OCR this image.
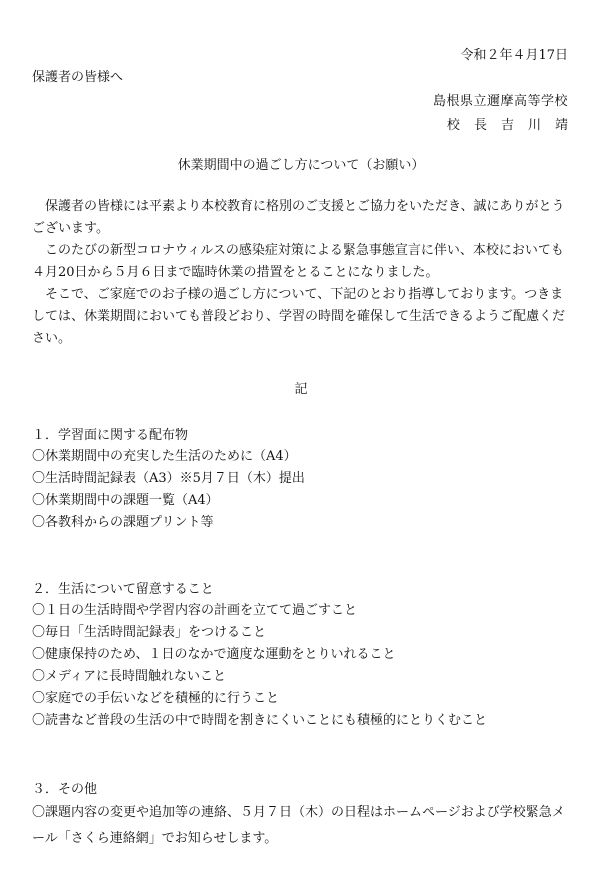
令和２年４月17日
保護者の皆様へ
島根県立邇摩高等学校
校 長 吉 川 靖
休業期間中の過ごし方について（お願い）

保護者の皆様には平素より本校教育に格別のご支援とご協力をいただき、誠にありがとうございます。

このたびの新型コロナウィルスの感染症対策による緊急事態宣言に伴い、本校においても４月20日から５月６日まで臨時休業の措置をとることになりました。

そこで、ご家庭でのお子様の過ごし方について、下記のとおり指導しております。つきましては、休業期間においても普段どおり、学習の時間を確保して生活できるようご配慮ください。

記
１．学習面に関する配布物
〇休業期間中の充実した生活のために（A4）
〇生活時間記録表（A3）※5月７日（木）提出
〇休業期間中の課題一覧（A4）
〇各教科からの課題プリント等
２．生活について留意すること
〇１日の生活時間や学習内容の計画を立てて過ごすこと
〇毎日「生活時間記録表」をつけること
〇健康保持のため、１日のなかで適度な運動をとりいれること
〇メディアに長時間触れないこと
〇家庭での手伝いなどを積極的に行うこと
〇読書など普段の生活の中で時間を割きにくいことにも積極的にとりくむこと
３．その他
〇課題内容の変更や追加等の連絡、５月７日（木）の日程はホームページおよび学校緊急メール「さくら連絡網」でお知らせします。
